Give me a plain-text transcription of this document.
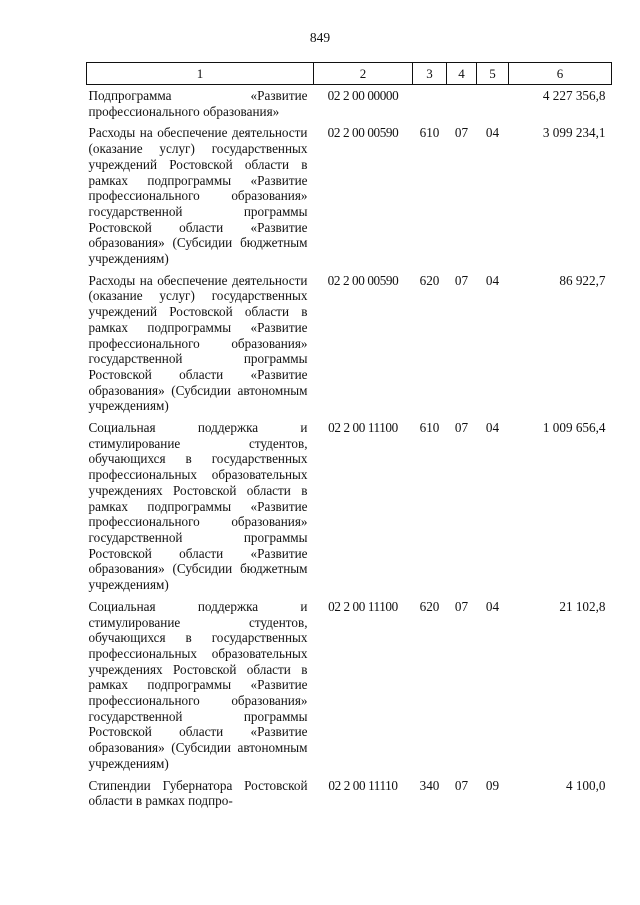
849
1	2	3	4	5	6
Подпрограмма «Развитие профессионального образования»	02 2 00 00000				4 227 356,8
Расходы на обеспечение деятельности (оказание услуг) государственных учреждений Ростовской области в рамках подпрограммы «Развитие профессионального образования» государственной программы Ростовской области «Развитие образования» (Субсидии бюджетным учреждениям)	02 2 00 00590	610	07	04	3 099 234,1
Расходы на обеспечение деятельности (оказание услуг) государственных учреждений Ростовской области в рамках подпрограммы «Развитие профессионального образования» государственной программы Ростовской области «Развитие образования» (Субсидии автономным учреждениям)	02 2 00 00590	620	07	04	86 922,7
Социальная поддержка и стимулирование студентов, обучающихся в государственных профессиональных образовательных учреждениях Ростовской области в рамках подпрограммы «Развитие профессионального образования» государственной программы Ростовской области «Развитие образования» (Субсидии бюджетным учреждениям)	02 2 00 11100	610	07	04	1 009 656,4
Социальная поддержка и стимулирование студентов, обучающихся в государственных профессиональных образовательных учреждениях Ростовской области в рамках подпрограммы «Развитие профессионального образования» государственной программы Ростовской области «Развитие образования» (Субсидии автономным учреждениям)	02 2 00 11100	620	07	04	21 102,8
Стипендии Губернатора Ростовской области в рамках подпро-	02 2 00 11110	340	07	09	4 100,0
